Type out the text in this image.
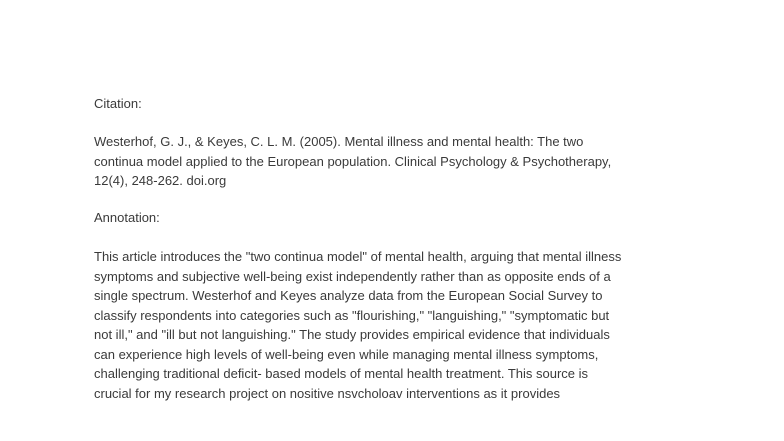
Citation:
Westerhof, G. J., & Keyes, C. L. M. (2005). Mental illness and mental health: The two
continua model applied to the European population. Clinical Psychology & Psychotherapy,
12(4), 248-262. doi.org
Annotation:
This article introduces the "two continua model" of mental health, arguing that mental illness
symptoms and subjective well-being exist independently rather than as opposite ends of a
single spectrum. Westerhof and Keyes analyze data from the European Social Survey to
classify respondents into categories such as "flourishing," "languishing," "symptomatic but
not ill," and "ill but not languishing." The study provides empirical evidence that individuals
can experience high levels of well-being even while managing mental illness symptoms,
challenging traditional deficit- based models of mental health treatment. This source is
crucial for my research project on nositive nsvcholoav interventions as it provides
